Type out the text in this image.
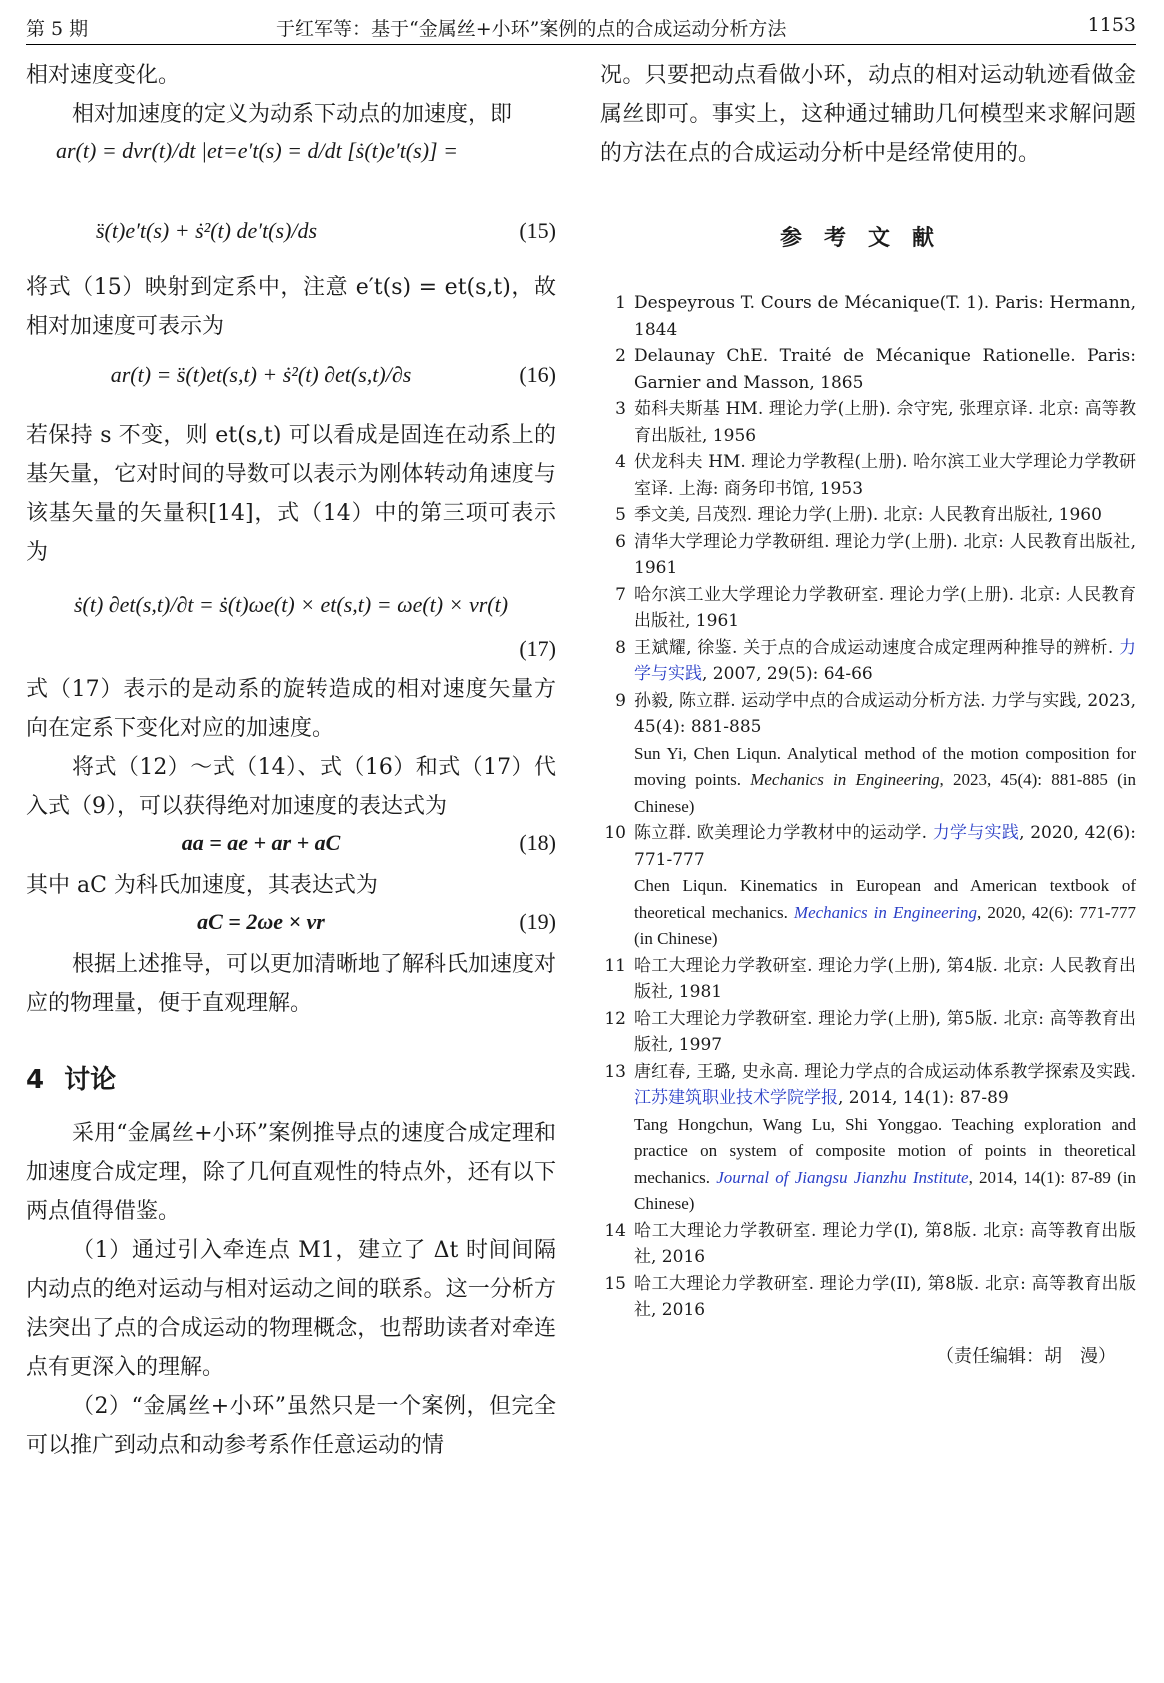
第 5 期	于红军等：基于“金属丝+小环”案例的点的合成运动分析方法	1153

相对速度变化。

相对加速度的定义为动系下动点的加速度，即

ar(t) = dvr(t)/dt |et=e′t(s) = d/dt [ṡ(t)e′t(s)] =
s̈(t)e′t(s) + ṡ²(t) de′t(s)/ds	(15)

将式（15）映射到定系中，注意 e′t(s) = et(s,t)，故相对加速度可表示为

ar(t) = s̈(t)et(s,t) + ṡ²(t) ∂et(s,t)/∂s	(16)

若保持 s 不变，则 et(s,t) 可以看成是固连在动系上的基矢量，它对时间的导数可以表示为刚体转动角速度与该基矢量的矢量积[14]，式（14）中的第三项可表示为

ṡ(t) ∂et(s,t)/∂t = ṡ(t)ωe(t) × et(s,t) = ωe(t) × vr(t)
(17)

式（17）表示的是动系的旋转造成的相对速度矢量方向在定系下变化对应的加速度。

将式（12）～式（14）、式（16）和式（17）代入式（9），可以获得绝对加速度的表达式为

aa = ae + ar + aC	(18)

其中 aC 为科氏加速度，其表达式为

aC = 2ωe × vr	(19)

根据上述推导，可以更加清晰地了解科氏加速度对应的物理量，便于直观理解。

4 讨论

采用“金属丝+小环”案例推导点的速度合成定理和加速度合成定理，除了几何直观性的特点外，还有以下两点值得借鉴。

（1）通过引入牵连点 M1，建立了 Δt 时间间隔内动点的绝对运动与相对运动之间的联系。这一分析方法突出了点的合成运动的物理概念，也帮助读者对牵连点有更深入的理解。

（2）“金属丝+小环”虽然只是一个案例，但完全可以推广到动点和动参考系作任意运动的情

况。只要把动点看做小环，动点的相对运动轨迹看做金属丝即可。事实上，这种通过辅助几何模型来求解问题的方法在点的合成运动分析中是经常使用的。

参考文献
1 Despeyrous T. Cours de Mécanique(T. 1). Paris: Hermann, 1844
2 Delaunay ChE. Traité de Mécanique Rationelle. Paris: Garnier and Masson, 1865
3 茹科夫斯基 НМ. 理论力学(上册). 佘守宪, 张理京译. 北京: 高等教育出版社, 1956
4 伏龙科夫 НМ. 理论力学教程(上册). 哈尔滨工业大学理论力学教研室译. 上海: 商务印书馆, 1953
5 季文美, 吕茂烈. 理论力学(上册). 北京: 人民教育出版社, 1960
6 清华大学理论力学教研组. 理论力学(上册). 北京: 人民教育出版社, 1961
7 哈尔滨工业大学理论力学教研室. 理论力学(上册). 北京: 人民教育出版社, 1961
8 王斌耀, 徐鉴. 关于点的合成运动速度合成定理两种推导的辨析. 力学与实践, 2007, 29(5): 64-66
9 孙毅, 陈立群. 运动学中点的合成运动分析方法. 力学与实践, 2023, 45(4): 881-885
Sun Yi, Chen Liqun. Analytical method of the motion composition for moving points. Mechanics in Engineering, 2023, 45(4): 881-885 (in Chinese)
10 陈立群. 欧美理论力学教材中的运动学. 力学与实践, 2020, 42(6): 771-777
Chen Liqun. Kinematics in European and American textbook of theoretical mechanics. Mechanics in Engineering, 2020, 42(6): 771-777 (in Chinese)
11 哈工大理论力学教研室. 理论力学(上册), 第4版. 北京: 人民教育出版社, 1981
12 哈工大理论力学教研室. 理论力学(上册), 第5版. 北京: 高等教育出版社, 1997
13 唐红春, 王璐, 史永高. 理论力学点的合成运动体系教学探索及实践. 江苏建筑职业技术学院学报, 2014, 14(1): 87-89
Tang Hongchun, Wang Lu, Shi Yonggao. Teaching exploration and practice on system of composite motion of points in theoretical mechanics. Journal of Jiangsu Jianzhu Institute, 2014, 14(1): 87-89 (in Chinese)
14 哈工大理论力学教研室. 理论力学(I), 第8版. 北京: 高等教育出版社, 2016
15 哈工大理论力学教研室. 理论力学(II), 第8版. 北京: 高等教育出版社, 2016
（责任编辑：胡　漫）
